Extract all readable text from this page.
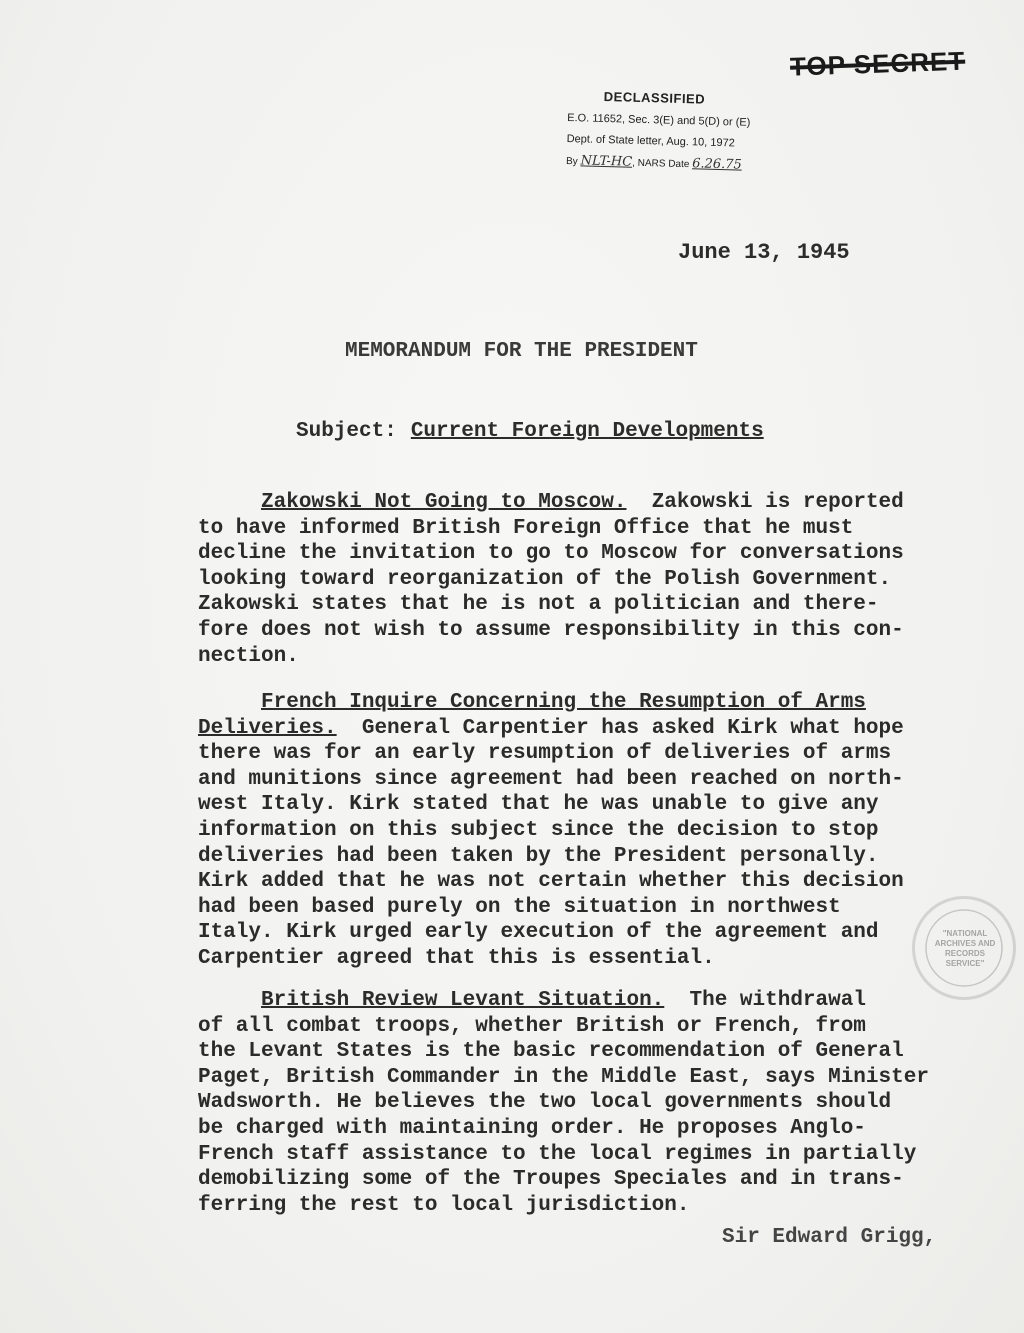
TOP SECRET
DECLASSIFIED
E.O. 11652, Sec. 3(E) and 5(D) or (E)
Dept. of State letter, Aug. 10, 1972
By NLT-HC, NARS Date 6.26.75
June 13, 1945
MEMORANDUM FOR THE PRESIDENT
Subject: Current Foreign Developments
Zakowski Not Going to Moscow. Zakowski is reported
to have informed British Foreign Office that he must
decline the invitation to go to Moscow for conversations
looking toward reorganization of the Polish Government.
Zakowski states that he is not a politician and there-
fore does not wish to assume responsibility in this con-
nection.
French Inquire Concerning the Resumption of Arms
Deliveries. General Carpentier has asked Kirk what hope
there was for an early resumption of deliveries of arms
and munitions since agreement had been reached on north-
west Italy. Kirk stated that he was unable to give any
information on this subject since the decision to stop
deliveries had been taken by the President personally.
Kirk added that he was not certain whether this decision
had been based purely on the situation in northwest
Italy. Kirk urged early execution of the agreement and
Carpentier agreed that this is essential.
British Review Levant Situation. The withdrawal
of all combat troops, whether British or French, from
the Levant States is the basic recommendation of General
Paget, British Commander in the Middle East, says Minister
Wadsworth. He believes the two local governments should
be charged with maintaining order. He proposes Anglo-
French staff assistance to the local regimes in partially
demobilizing some of the Troupes Speciales and in trans-
ferring the rest to local jurisdiction.
Sir Edward Grigg,
"NATIONAL
ARCHIVES AND
RECORDS
SERVICE"
